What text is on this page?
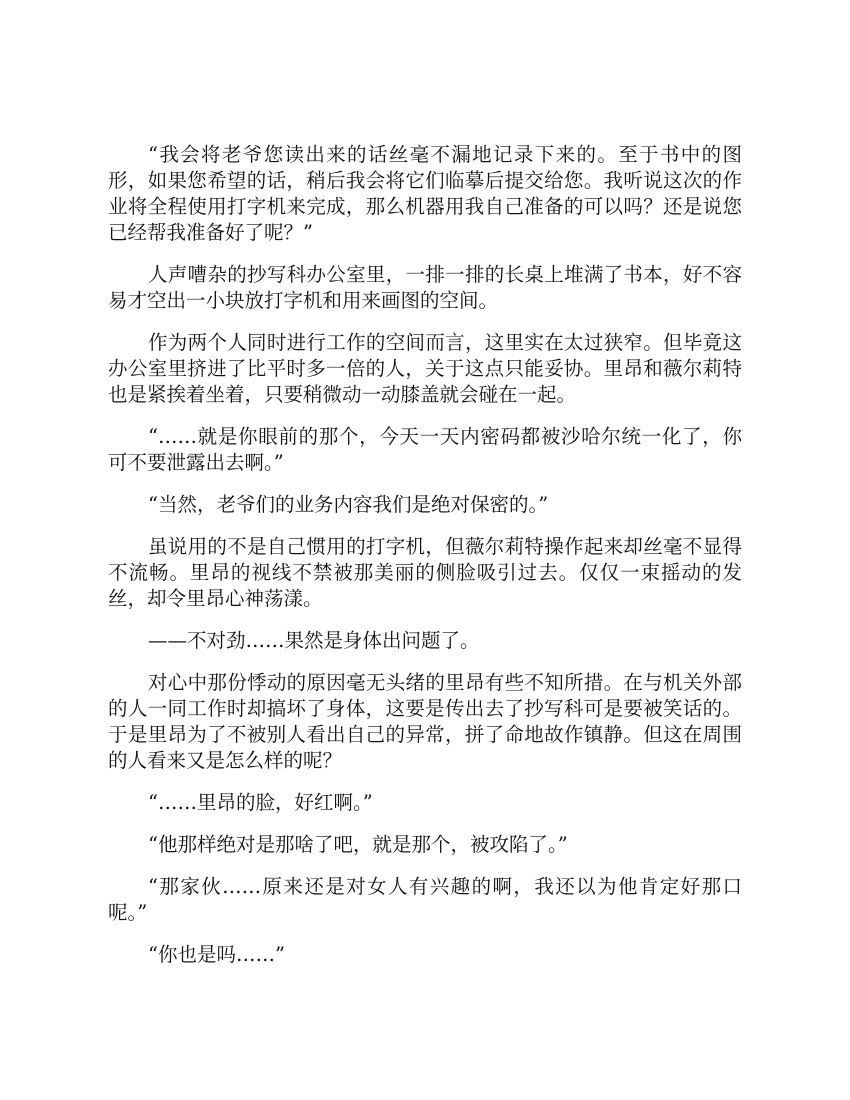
“我会将老爷您读出来的话丝毫不漏地记录下来的。至于书中的图形，如果您希望的话，稍后我会将它们临摹后提交给您。我听说这次的作业将全程使用打字机来完成，那么机器用我自己准备的可以吗？还是说您已经帮我准备好了呢？”

人声嘈杂的抄写科办公室里，一排一排的长桌上堆满了书本，好不容易才空出一小块放打字机和用来画图的空间。

作为两个人同时进行工作的空间而言，这里实在太过狭窄。但毕竟这办公室里挤进了比平时多一倍的人，关于这点只能妥协。里昂和薇尔莉特也是紧挨着坐着，只要稍微动一动膝盖就会碰在一起。

“……就是你眼前的那个，今天一天内密码都被沙哈尔统一化了，你可不要泄露出去啊。”

“当然，老爷们的业务内容我们是绝对保密的。”

虽说用的不是自己惯用的打字机，但薇尔莉特操作起来却丝毫不显得不流畅。里昂的视线不禁被那美丽的侧脸吸引过去。仅仅一束摇动的发丝，却令里昂心神荡漾。

——不对劲……果然是身体出问题了。

对心中那份悸动的原因毫无头绪的里昂有些不知所措。在与机关外部的人一同工作时却搞坏了身体，这要是传出去了抄写科可是要被笑话的。于是里昂为了不被别人看出自己的异常，拼了命地故作镇静。但这在周围的人看来又是怎么样的呢？

“……里昂的脸，好红啊。”

“他那样绝对是那啥了吧，就是那个，被攻陷了。”

“那家伙……原来还是对女人有兴趣的啊，我还以为他肯定好那口呢。”

“你也是吗……”
